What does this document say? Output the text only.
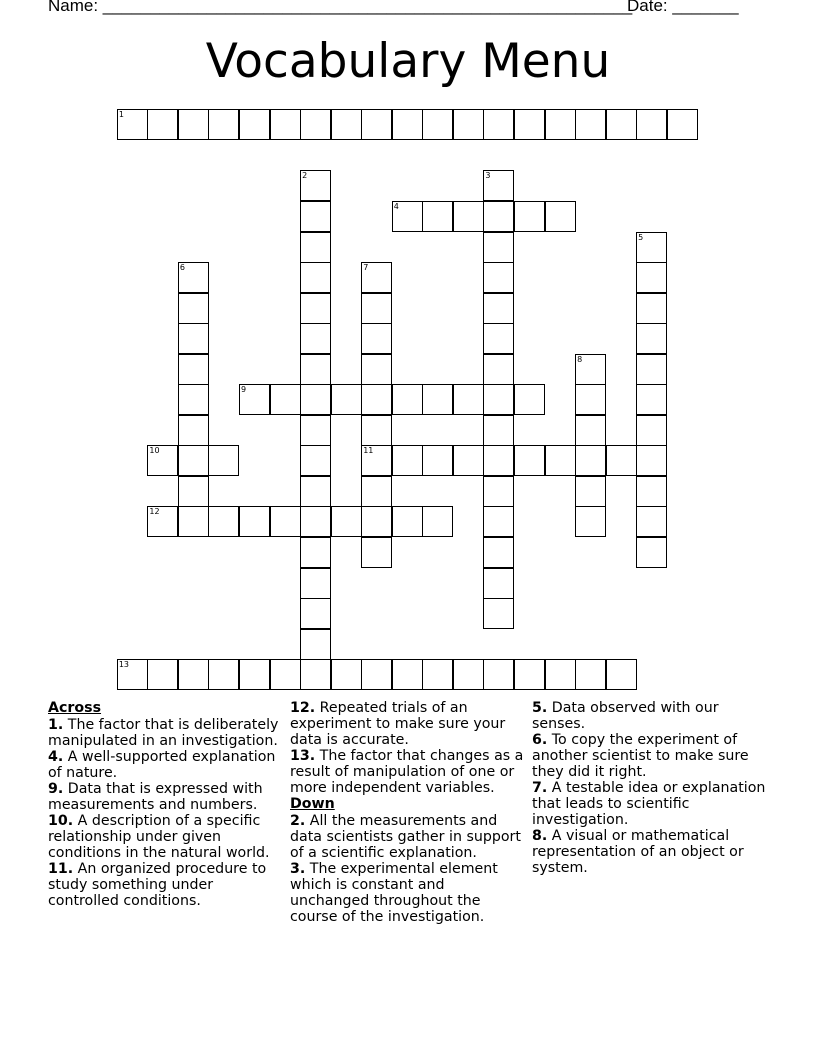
Name: ________________________________________________________
Date: _______
Vocabulary Menu
1
2	3
4
5
6	7
11
8
9
10
12
13
Across
1. The factor that is deliberately manipulated in an investigation.
4. A well-supported explanation of nature.
9. Data that is expressed with measurements and numbers.
10. A description of a specific relationship under given conditions in the natural world.
11. An organized procedure to study something under controlled conditions.
12. Repeated trials of an experiment to make sure your data is accurate.
13. The factor that changes as a result of manipulation of one or more independent variables.
Down
2. All the measurements and data scientists gather in support of a scientific explanation.
3. The experimental element which is constant and unchanged throughout the course of the investigation.
5. Data observed with our senses.
6. To copy the experiment of another scientist to make sure they did it right.
7. A testable idea or explanation that leads to scientific investigation.
8. A visual or mathematical representation of an object or system.
